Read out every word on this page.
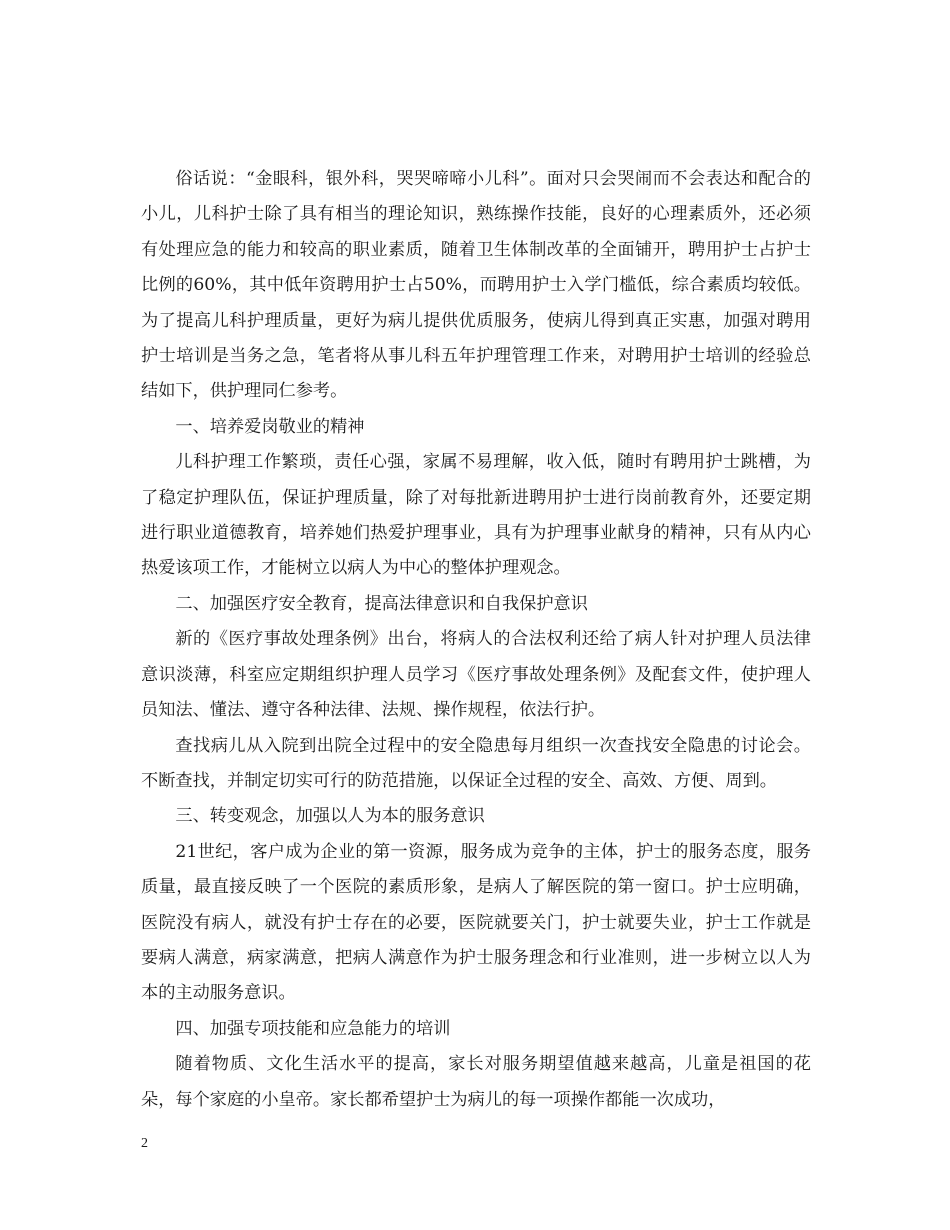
俗话说：“金眼科，银外科，哭哭啼啼小儿科”。面对只会哭闹而不会表达和配合的小儿，儿科护士除了具有相当的理论知识，熟练操作技能，良好的心理素质外，还必须有处理应急的能力和较高的职业素质，随着卫生体制改革的全面铺开，聘用护士占护士比例的60%，其中低年资聘用护士占50%，而聘用护士入学门槛低，综合素质均较低。为了提高儿科护理质量，更好为病儿提供优质服务，使病儿得到真正实惠，加强对聘用护士培训是当务之急，笔者将从事儿科五年护理管理工作来，对聘用护士培训的经验总结如下，供护理同仁参考。

一、培养爱岗敬业的精神

儿科护理工作繁琐，责任心强，家属不易理解，收入低，随时有聘用护士跳槽，为了稳定护理队伍，保证护理质量，除了对每批新进聘用护士进行岗前教育外，还要定期进行职业道德教育，培养她们热爱护理事业，具有为护理事业献身的精神，只有从内心热爱该项工作，才能树立以病人为中心的整体护理观念。

二、加强医疗安全教育，提高法律意识和自我保护意识

新的《医疗事故处理条例》出台，将病人的合法权利还给了病人针对护理人员法律意识淡薄，科室应定期组织护理人员学习《医疗事故处理条例》及配套文件，使护理人员知法、懂法、遵守各种法律、法规、操作规程，依法行护。

查找病儿从入院到出院全过程中的安全隐患每月组织一次查找安全隐患的讨论会。不断查找，并制定切实可行的防范措施，以保证全过程的安全、高效、方便、周到。

三、转变观念，加强以人为本的服务意识

21世纪，客户成为企业的第一资源，服务成为竞争的主体，护士的服务态度，服务质量，最直接反映了一个医院的素质形象，是病人了解医院的第一窗口。护士应明确，医院没有病人，就没有护士存在的必要，医院就要关门，护士就要失业，护士工作就是要病人满意，病家满意，把病人满意作为护士服务理念和行业准则，进一步树立以人为本的主动服务意识。

四、加强专项技能和应急能力的培训

随着物质、文化生活水平的提高，家长对服务期望值越来越高，儿童是祖国的花朵，每个家庭的小皇帝。家长都希望护士为病儿的每一项操作都能一次成功，

2
